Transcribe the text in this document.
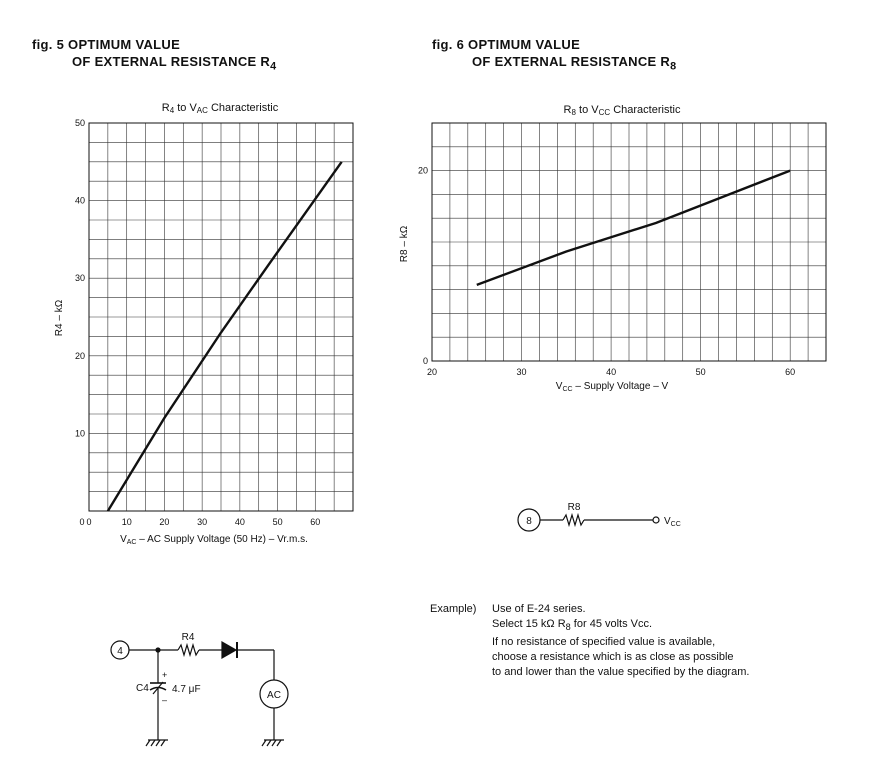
fig. 5 OPTIMUM VALUE
OF EXTERNAL RESISTANCE $R_4$
fig. 6 OPTIMUM VALUE
OF EXTERNAL RESISTANCE $R_8$
R4 to VAC Characteristic
R4 – kΩ
$V_{AC}$ – AC Supply Voltage (50 Hz) – Vr.m.s.
R8 to VCC Characteristic
R8 – kΩ
$V_{CC}$ – Supply Voltage – V
4
R4
C4 4.7 μF
+
–	AC
8
R8
$V_{CC}$
0	10	20	30	40	50	60
10
20
30
40
50
0
20	30	40	50	60
0
20
Example) Use of E-24 series.
Select 15 kΩ $R_8$ for 45 volts Vcc.
If no resistance of specified value is available,
choose a resistance which is as close as possible
to and lower than the value specified by the diagram.
